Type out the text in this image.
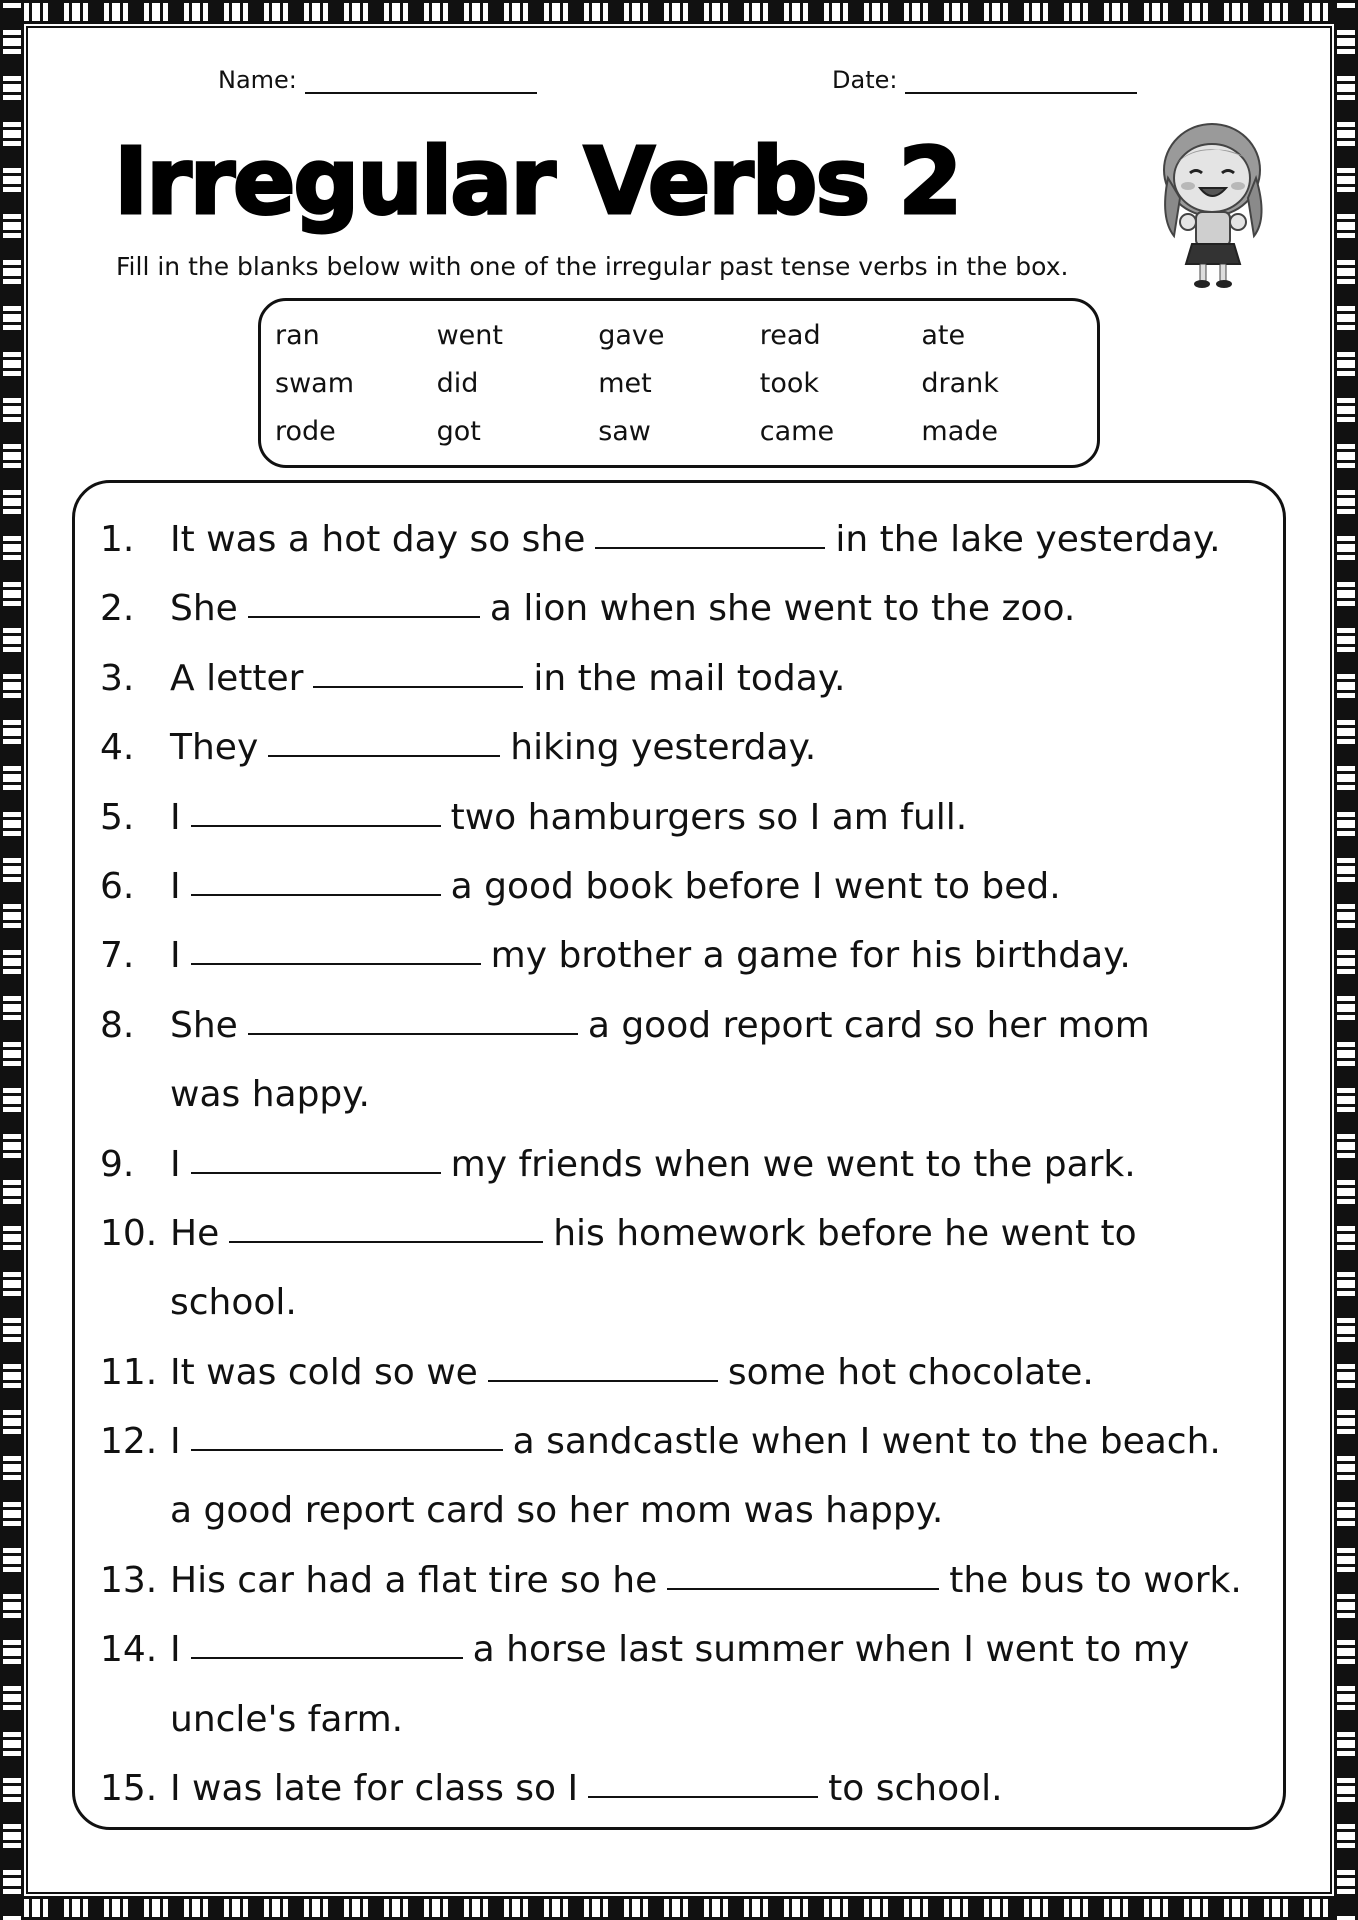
Name:	Date:
Irregular Verbs 2

Fill in the blanks below with one of the irregular past tense verbs in the box.

ran	went	gave	read	ate
swam	did	met	took	drank
rode	got	saw	came	made
1. It was a hot day so she	in the lake yesterday.
2. She	a lion when she went to the zoo.
3. A letter	in the mail today.
4. They	hiking yesterday.
5. I	two hamburgers so I am full.
6. I	a good book before I went to bed.
7. I	my brother a game for his birthday.
8. She	a good report card so her mom
was happy.
9. I	my friends when we went to the park.
10. He	his homework before he went to
school.
11. It was cold so we	some hot chocolate.
12. I	a sandcastle when I went to the beach.
a good report card so her mom was happy.
13. His car had a flat tire so he	the bus to work.
14. I	a horse last summer when I went to my
uncle's farm.
15. I was late for class so I	to school.
